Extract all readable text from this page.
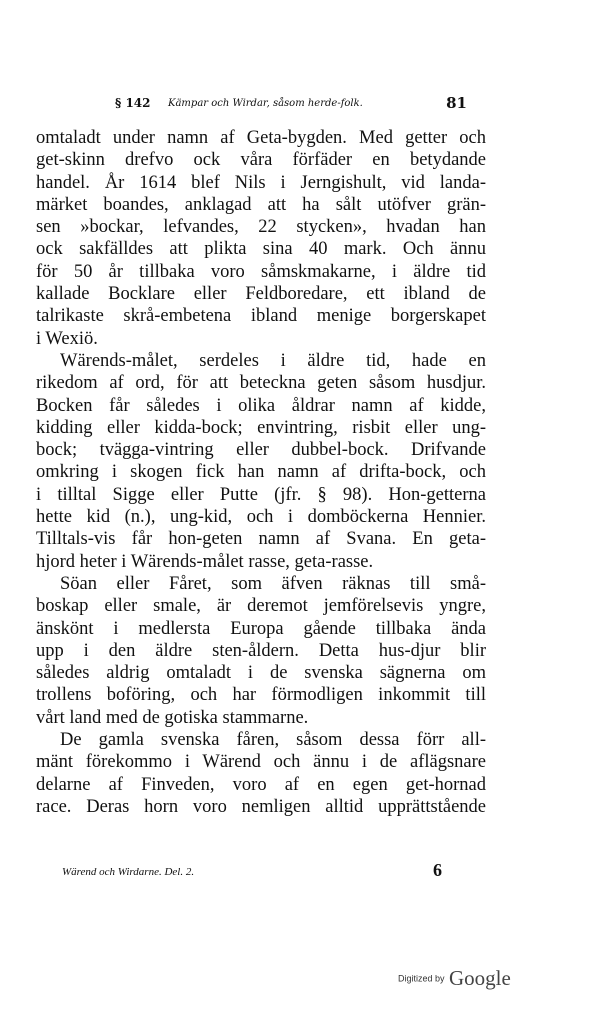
§ 142 Kämpar och Wirdar, såsom herde-folk.	81
omtaladt under namn af Geta-bygden. Med getter och
get-skinn drefvo ock våra förfäder en betydande
handel. År 1614 blef Nils i Jerngishult, vid landa-
märket boandes, anklagad att ha sålt utöfver grän-
sen »bockar, lefvandes, 22 stycken», hvadan han
ock sakfälldes att plikta sina 40 mark. Och ännu
för 50 år tillbaka voro såmskmakarne, i äldre tid
kallade Bocklare eller Feldboredare, ett ibland de
talrikaste skrå-embetena ibland menige borgerskapet
i Wexiö.
Wärends-målet, serdeles i äldre tid, hade en
rikedom af ord, för att beteckna geten såsom husdjur.
Bocken får således i olika åldrar namn af kidde,
kidding eller kidda-bock; envintring, risbit eller ung-
bock; tvägga-vintring eller dubbel-bock. Drifvande
omkring i skogen fick han namn af drifta-bock, och
i tilltal Sigge eller Putte (jfr. § 98). Hon-getterna
hette kid (n.), ung-kid, och i domböckerna Hennier.
Tilltals-vis får hon-geten namn af Svana. En geta-
hjord heter i Wärends-målet rasse, geta-rasse.
Söan eller Fåret, som äfven räknas till små-
boskap eller smale, är deremot jemförelsevis yngre,
änskönt i medlersta Europa gående tillbaka ända
upp i den äldre sten-åldern. Detta hus-djur blir
således aldrig omtaladt i de svenska sägnerna om
trollens boföring, och har förmodligen inkommit till
vårt land med de gotiska stammarne.
De gamla svenska fåren, såsom dessa förr all-
mänt förekommo i Wärend och ännu i de aflägsnare
delarne af Finveden, voro af en egen get-hornad
race. Deras horn voro nemligen alltid upprättstående
Wärend och Wirdarne. Del. 2.	6
Digitized by Google
